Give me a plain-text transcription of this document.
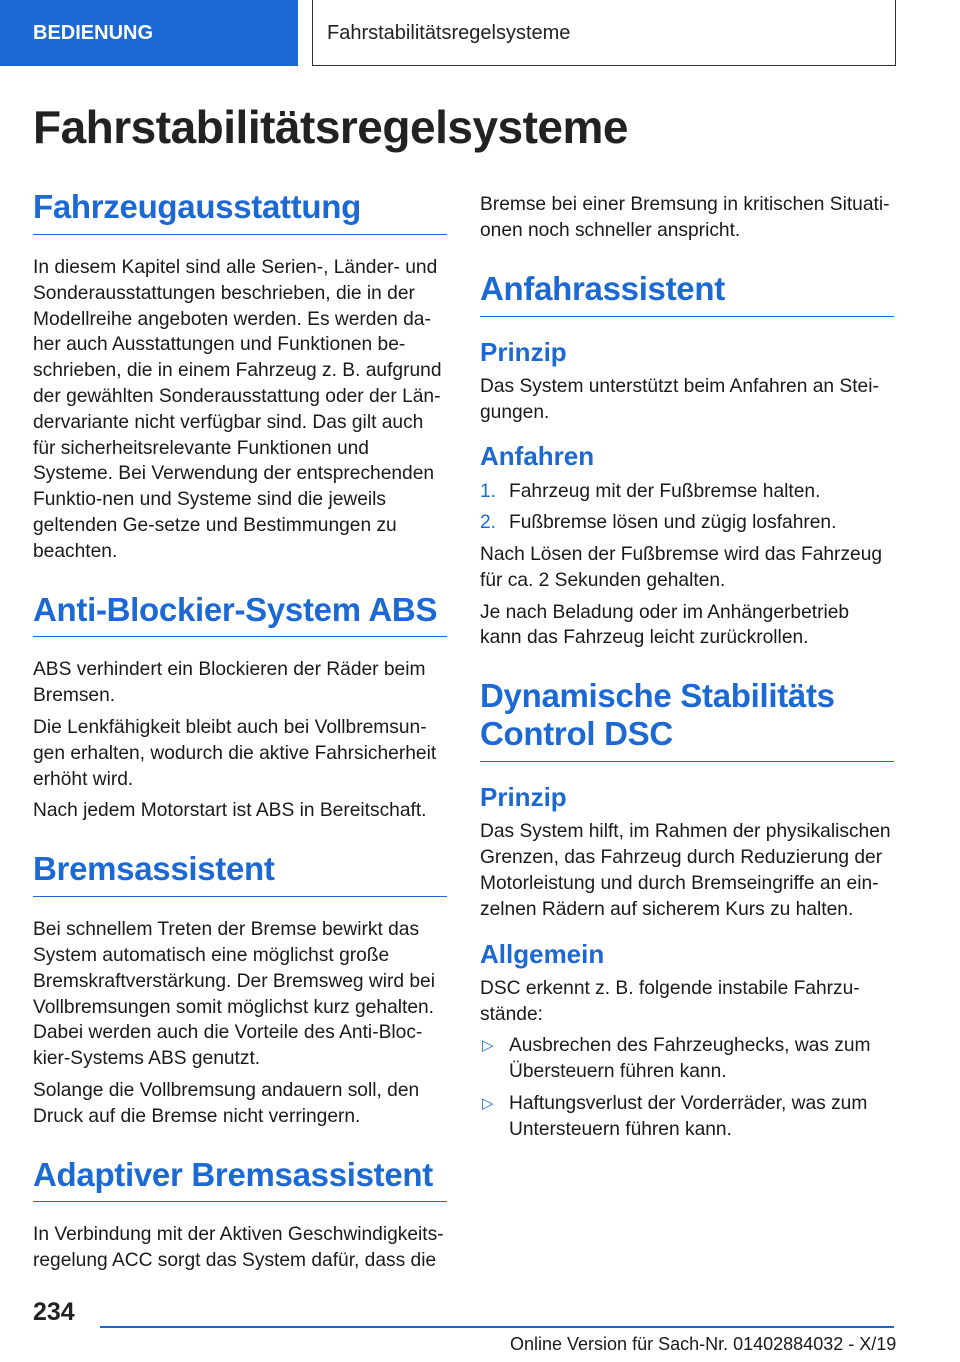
BEDIENUNG	Fahrstabilitätsregelsysteme
Fahrstabilitätsregelsysteme
Fahrzeugausstattung

In diesem Kapitel sind alle Serien-, Länder- und Sonderausstattungen beschrieben, die in der Modellreihe angeboten werden. Es werden da-her auch Ausstattungen und Funktionen be-schrieben, die in einem Fahrzeug z. B. aufgrund der gewählten Sonderausstattung oder der Län-dervariante nicht verfügbar sind. Das gilt auch für sicherheitsrelevante Funktionen und Systeme. Bei Verwendung der entsprechenden Funktio-nen und Systeme sind die jeweils geltenden Ge-setze und Bestimmungen zu beachten.

Anti-Blockier-System ABS

ABS verhindert ein Blockieren der Räder beim Bremsen.

Die Lenkfähigkeit bleibt auch bei Vollbremsun-gen erhalten, wodurch die aktive Fahrsicherheit erhöht wird.

Nach jedem Motorstart ist ABS in Bereitschaft.

Bremsassistent

Bei schnellem Treten der Bremse bewirkt das System automatisch eine möglichst große Bremskraftverstärkung. Der Bremsweg wird bei Vollbremsungen somit möglichst kurz gehalten. Dabei werden auch die Vorteile des Anti-Bloc-kier-Systems ABS genutzt.

Solange die Vollbremsung andauern soll, den Druck auf die Bremse nicht verringern.

Adaptiver Bremsassistent

In Verbindung mit der Aktiven Geschwindigkeits-regelung ACC sorgt das System dafür, dass die

Bremse bei einer Bremsung in kritischen Situati-onen noch schneller anspricht.

Anfahrassistent
Prinzip

Das System unterstützt beim Anfahren an Stei-gungen.

Anfahren
1. Fahrzeug mit der Fußbremse halten.
2. Fußbremse lösen und zügig losfahren.

Nach Lösen der Fußbremse wird das Fahrzeug für ca. 2 Sekunden gehalten.

Je nach Beladung oder im Anhängerbetrieb kann das Fahrzeug leicht zurückrollen.

Dynamische Stabilitäts Control DSC
Prinzip

Das System hilft, im Rahmen der physikalischen Grenzen, das Fahrzeug durch Reduzierung der Motorleistung und durch Bremseingriffe an ein-zelnen Rädern auf sicherem Kurs zu halten.

Allgemein

DSC erkennt z. B. folgende instabile Fahrzu-stände:

▷ Ausbrechen des Fahrzeughecks, was zum Übersteuern führen kann.
▷ Haftungsverlust der Vorderräder, was zum Untersteuern führen kann.
234
Online Version für Sach-Nr. 01402884032 - X/19
